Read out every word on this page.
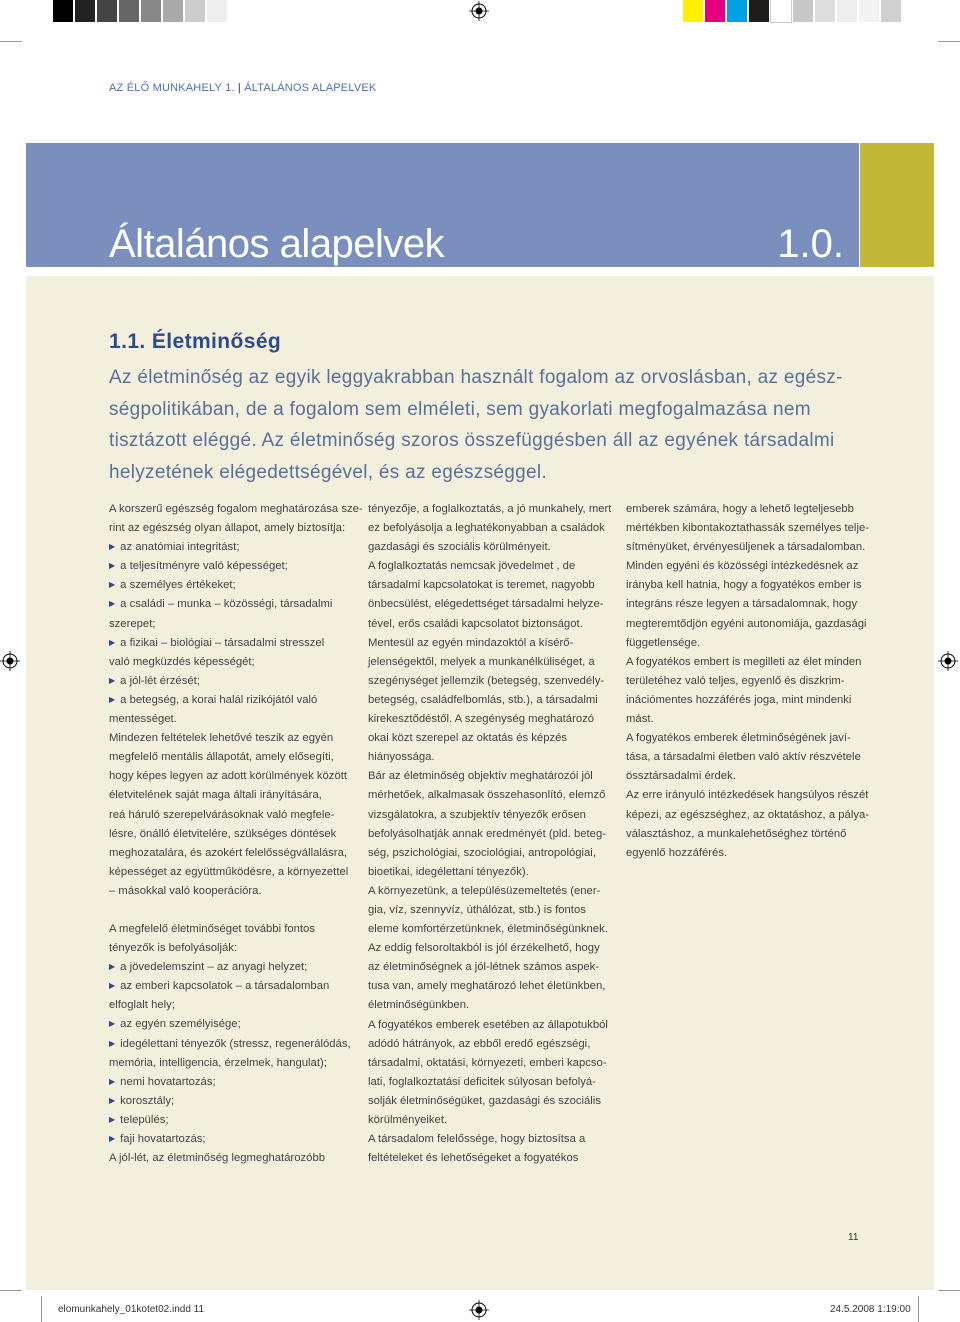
AZ ÉLŐ MUNKAHELY 1. | ÁLTALÁNOS ALAPELVEK
Általános alapelvek	1.0.
1.1. Életminőség
Az életminőség az egyik leggyakrabban használt fogalom az orvoslásban, az egész-ségpolitikában, de a fogalom sem elméleti, sem gyakorlati megfogalmazása nem tisztázott eléggé. Az életminőség szoros összefüggésben áll az egyének társadalmi helyzetének elégedettségével, és az egészséggel.

A korszerű egészség fogalom meghatározása sze-

rint az egészség olyan állapot, amely biztosítja:

▶ az anatómiai integritást;

▶ a teljesítményre való képességet;

▶ a személyes értékeket;

▶ a családi – munka – közösségi, társadalmi

szerepet;

▶ a fizikai – biológiai – társadalmi stresszel

való megküzdés képességét;

▶ a jól-lét érzését;

▶ a betegség, a korai halál rizikójától való

mentességet.

Mindezen feltételek lehetővé teszik az egyén

megfelelő mentális állapotát, amely elősegíti,

hogy képes legyen az adott körülmények között

életvitelének saját maga általi irányítására,

reá háruló szerepelvárásoknak való megfele-

lésre, önálló életvitelére, szükséges döntések

meghozatalára, és azokért felelősségvállalásra,

képességet az együttműködésre, a környezettel

– másokkal való kooperációra.

A megfelelő életminőséget további fontos

tényezők is befolyásolják:

▶ a jövedelemszint – az anyagi helyzet;

▶ az emberi kapcsolatok – a társadalomban

elfoglalt hely;

▶ az egyén személyisége;

▶ idegélettani tényezők (stressz, regenerálódás,

memória, intelligencia, érzelmek, hangulat);

▶ nemi hovatartozás;

▶ korosztály;

▶ település;

▶ faji hovatartozás;

A jól-lét, az életminőség legmeghatározóbb

tényezője, a foglalkoztatás, a jó munkahely, mert

ez befolyásolja a leghatékonyabban a családok

gazdasági és szociális körülményeit.

A foglalkoztatás nemcsak jövedelmet , de

társadalmi kapcsolatokat is teremet, nagyobb

önbecsülést, elégedettséget társadalmi helyze-

tével, erős családi kapcsolatot biztonságot.

Mentesül az egyén mindazoktól a kísérő-

jelenségektől, melyek a munkanélküliséget, a

szegénységet jellemzik (betegség, szenvedély-

betegség, családfelbomlás, stb.), a társadalmi

kirekesztődéstől. A szegénység meghatározó

okai közt szerepel az oktatás és képzés

hiányossága.

Bár az életminőség objektív meghatározói jól

mérhetőek, alkalmasak összehasonlító, elemző

vizsgálatokra, a szubjektív tényezők erősen

befolyásolhatják annak eredményét (pld. beteg-

ség, pszichológiai, szociológiai, antropológiai,

bioetikai, idegélettani tényezők).

A környezetünk, a településüzemeltetés (ener-

gia, víz, szennyvíz, úthálózat, stb.) is fontos

eleme komfortérzetünknek, életminőségünknek.

Az eddig felsoroltakból is jól érzékelhető, hogy

az életminőségnek a jól-létnek számos aspek-

tusa van, amely meghatározó lehet életünkben,

életminőségünkben.

A fogyatékos emberek esetében az állapotukból

adódó hátrányok, az ebből eredő egészségi,

társadalmi, oktatási, környezeti, emberi kapcso-

lati, foglalkoztatási deficitek súlyosan befolyá-

solják életminőségüket, gazdasági és szociális

körülményeiket.

A társadalom felelőssége, hogy biztosítsa a

feltételeket és lehetőségeket a fogyatékos

emberek számára, hogy a lehető legteljesebb

mértékben kibontakoztathassák személyes telje-

sítményüket, érvényesüljenek a társadalomban.

Minden egyéni és közösségi intézkedésnek az

irányba kell hatnia, hogy a fogyatékos ember is

integráns része legyen a társadalomnak, hogy

megteremtődjön egyéni autonomiája, gazdasági

függetlensége.

A fogyatékos embert is megilleti az élet minden

területéhez való teljes, egyenlő és diszkrim-

inációmentes hozzáférés joga, mint mindenki

mást.

A fogyatékos emberek életminőségének javí-

tása, a társadalmi életben való aktív részvétele

össztársadalmi érdek.

Az erre irányuló intézkedések hangsúlyos részét

képezi, az egészséghez, az oktatáshoz, a pálya-

választáshoz, a munkalehetőséghez történő

egyenlő hozzáférés.

11
elomunkahely_01kotet02.indd 11	24.5.2008 1:19:00
